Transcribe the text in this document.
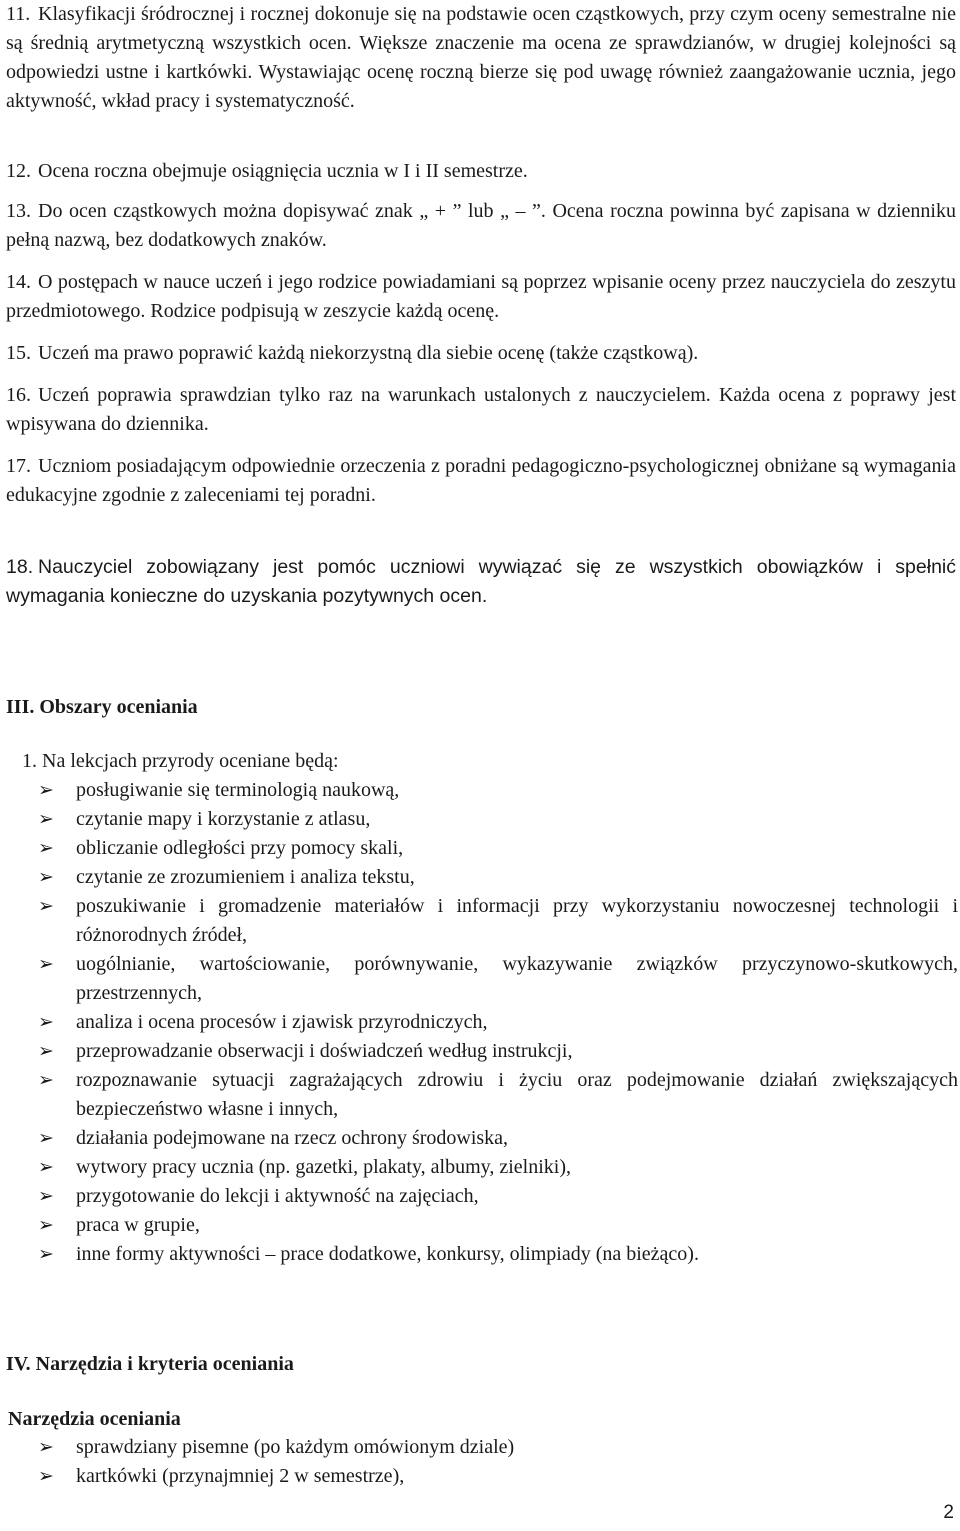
11. Klasyfikacji śródrocznej i rocznej dokonuje się na podstawie ocen cząstkowych, przy czym oceny semestralne nie są średnią arytmetyczną wszystkich ocen. Większe znaczenie ma ocena ze sprawdzianów, w drugiej kolejności są odpowiedzi ustne i kartkówki. Wystawiając ocenę roczną bierze się pod uwagę również zaangażowanie ucznia, jego aktywność, wkład pracy i systematyczność.
12. Ocena roczna obejmuje osiągnięcia ucznia w I i II semestrze.
13. Do ocen cząstkowych można dopisywać znak „ + ” lub „ – ”. Ocena roczna powinna być zapisana w dzienniku pełną nazwą, bez dodatkowych znaków.
14. O postępach w nauce uczeń i jego rodzice powiadamiani są poprzez wpisanie oceny przez nauczyciela do zeszytu przedmiotowego. Rodzice podpisują w zeszycie każdą ocenę.
15. Uczeń ma prawo poprawić każdą niekorzystną dla siebie ocenę (także cząstkową).
16. Uczeń poprawia sprawdzian tylko raz na warunkach ustalonych z nauczycielem. Każda ocena z poprawy jest wpisywana do dziennika.
17. Uczniom posiadającym odpowiednie orzeczenia z poradni pedagogiczno-psychologicznej obniżane są wymagania edukacyjne zgodnie z zaleceniami tej poradni.
18. Nauczyciel zobowiązany jest pomóc uczniowi wywiązać się ze wszystkich obowiązków i spełnić wymagania konieczne do uzyskania pozytywnych ocen.
III. Obszary oceniania
1. Na lekcjach przyrody oceniane będą:
➢ posługiwanie się terminologią naukową,
➢ czytanie mapy i korzystanie z atlasu,
➢ obliczanie odległości przy pomocy skali,
➢ czytanie ze zrozumieniem i analiza tekstu,
➢ poszukiwanie i gromadzenie materiałów i informacji przy wykorzystaniu nowoczesnej technologii i różnorodnych źródeł,
➢ uogólnianie, wartościowanie, porównywanie, wykazywanie związków przyczynowo-skutkowych, przestrzennych,
➢ analiza i ocena procesów i zjawisk przyrodniczych,
➢ przeprowadzanie obserwacji i doświadczeń według instrukcji,
➢ rozpoznawanie sytuacji zagrażających zdrowiu i życiu oraz podejmowanie działań zwiększających bezpieczeństwo własne i innych,
➢ działania podejmowane na rzecz ochrony środowiska,
➢ wytwory pracy ucznia (np. gazetki, plakaty, albumy, zielniki),
➢ przygotowanie do lekcji i aktywność na zajęciach,
➢ praca w grupie,
➢ inne formy aktywności – prace dodatkowe, konkursy, olimpiady (na bieżąco).
IV. Narzędzia i kryteria oceniania
Narzędzia oceniania
➢ sprawdziany pisemne (po każdym omówionym dziale)
➢ kartkówki (przynajmniej 2 w semestrze),
2
